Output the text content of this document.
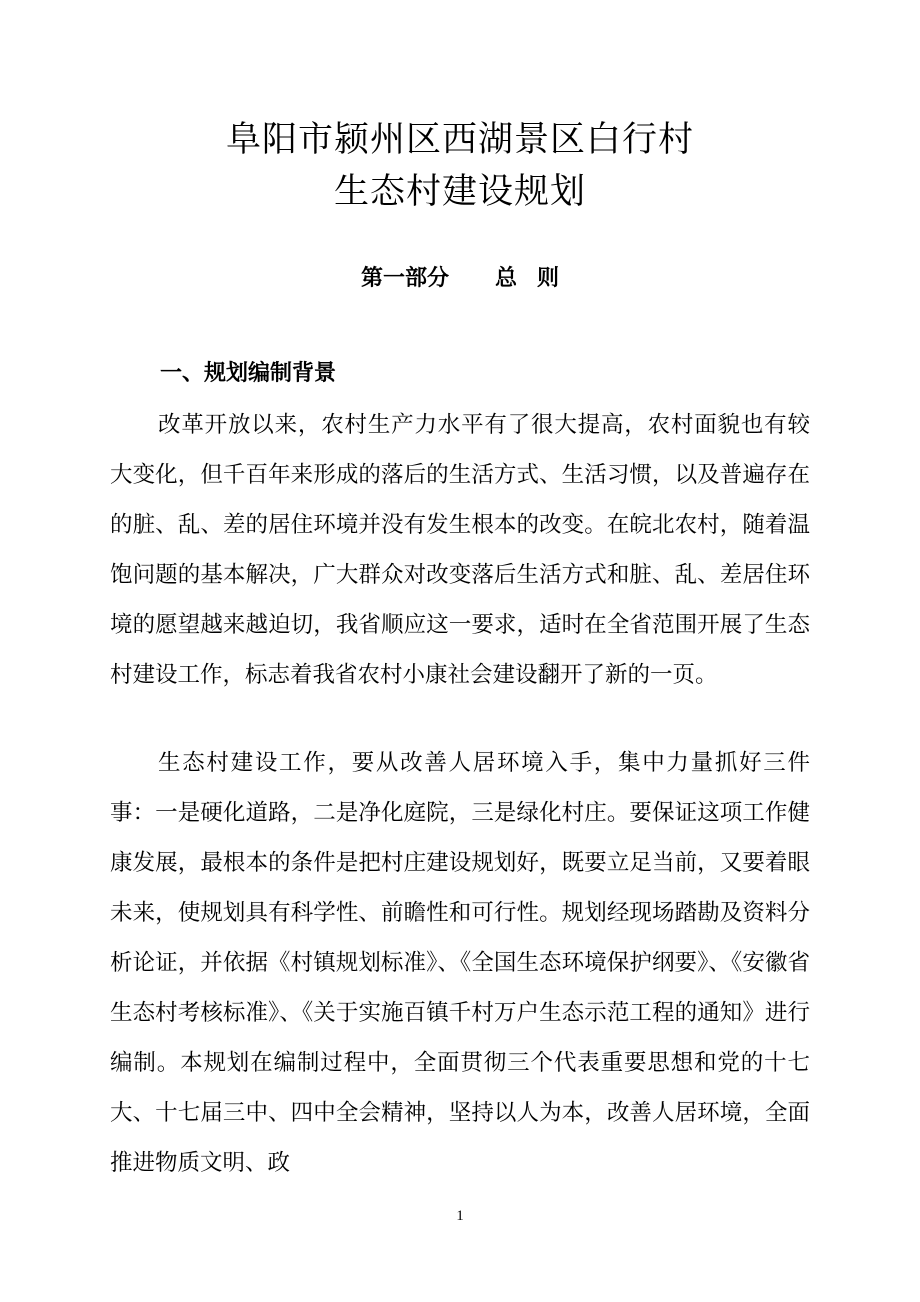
阜阳市颍州区西湖景区白行村
生态村建设规划
第一部分 总 则
一、规划编制背景

改革开放以来，农村生产力水平有了很大提高，农村面貌也有较大变化，但千百年来形成的落后的生活方式、生活习惯，以及普遍存在的脏、乱、差的居住环境并没有发生根本的改变。在皖北农村，随着温饱问题的基本解决，广大群众对改变落后生活方式和脏、乱、差居住环境的愿望越来越迫切，我省顺应这一要求，适时在全省范围开展了生态村建设工作，标志着我省农村小康社会建设翻开了新的一页。

生态村建设工作，要从改善人居环境入手，集中力量抓好三件事：一是硬化道路，二是净化庭院，三是绿化村庄。要保证这项工作健康发展，最根本的条件是把村庄建设规划好，既要立足当前，又要着眼未来，使规划具有科学性、前瞻性和可行性。规划经现场踏勘及资料分析论证，并依据《村镇规划标准》、《全国生态环境保护纲要》、《安徽省生态村考核标准》、《关于实施百镇千村万户生态示范工程的通知》进行编制。本规划在编制过程中，全面贯彻三个代表重要思想和党的十七大、十七届三中、四中全会精神，坚持以人为本，改善人居环境，全面推进物质文明、政

1
